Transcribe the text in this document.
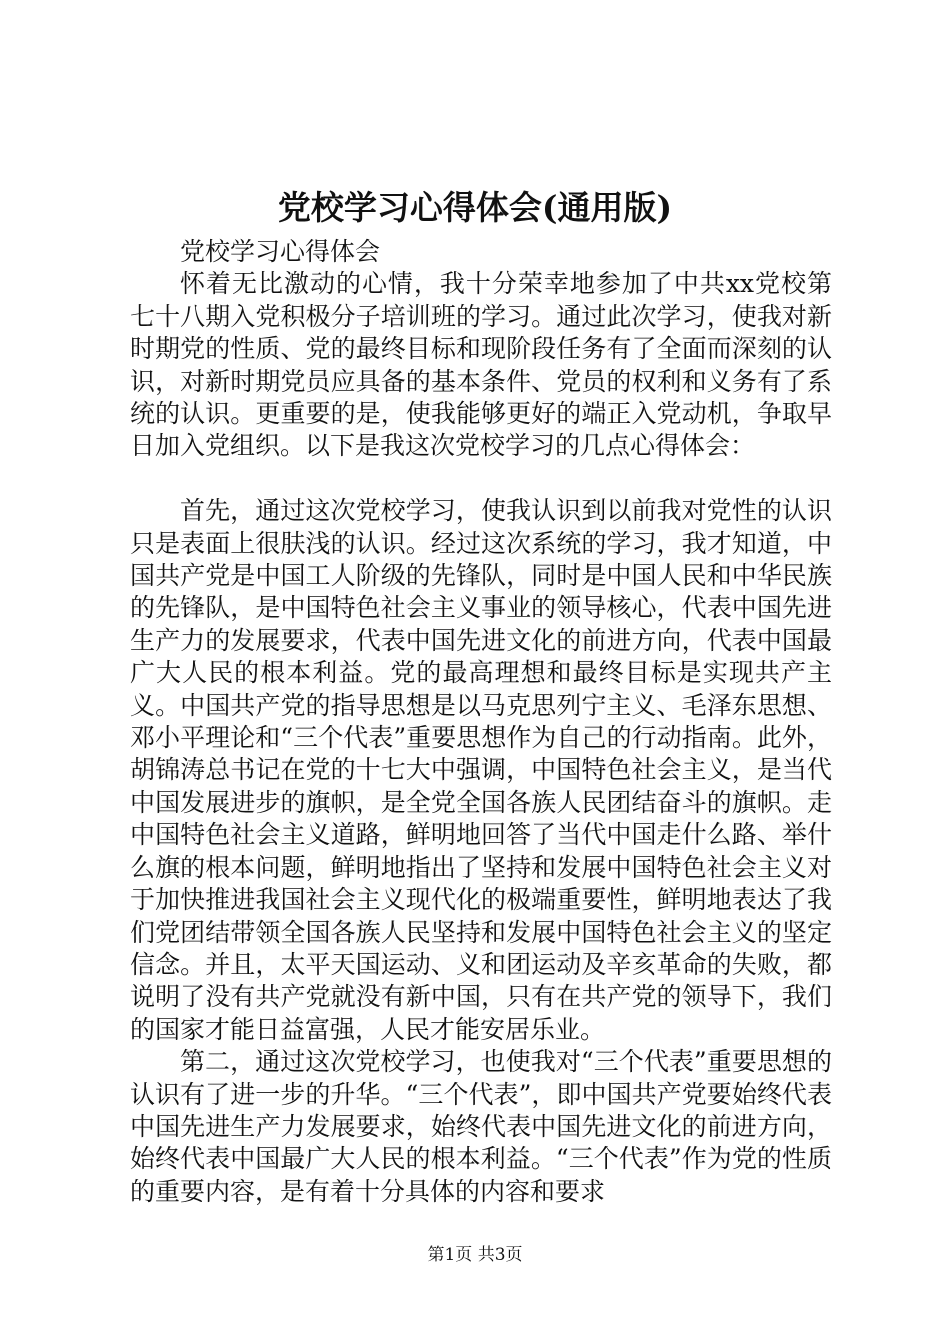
党校学习心得体会(通用版)

党校学习心得体会

怀着无比激动的心情，我十分荣幸地参加了中共xx党校第七十八期入党积极分子培训班的学习。通过此次学习，使我对新时期党的性质、党的最终目标和现阶段任务有了全面而深刻的认识，对新时期党员应具备的基本条件、党员的权利和义务有了系统的认识。更重要的是，使我能够更好的端正入党动机，争取早日加入党组织。以下是我这次党校学习的几点心得体会：

首先，通过这次党校学习，使我认识到以前我对党性的认识只是表面上很肤浅的认识。经过这次系统的学习，我才知道，中国共产党是中国工人阶级的先锋队，同时是中国人民和中华民族的先锋队，是中国特色社会主义事业的领导核心，代表中国先进生产力的发展要求，代表中国先进文化的前进方向，代表中国最广大人民的根本利益。党的最高理想和最终目标是实现共产主义。中国共产党的指导思想是以马克思列宁主义、毛泽东思想、邓小平理论和“三个代表”重要思想作为自己的行动指南。此外，胡锦涛总书记在党的十七大中强调，中国特色社会主义，是当代中国发展进步的旗帜，是全党全国各族人民团结奋斗的旗帜。走中国特色社会主义道路，鲜明地回答了当代中国走什么路、举什么旗的根本问题，鲜明地指出了坚持和发展中国特色社会主义对于加快推进我国社会主义现代化的极端重要性，鲜明地表达了我们党团结带领全国各族人民坚持和发展中国特色社会主义的坚定信念。并且，太平天国运动、义和团运动及辛亥革命的失败，都说明了没有共产党就没有新中国，只有在共产党的领导下，我们的国家才能日益富强，人民才能安居乐业。

第二，通过这次党校学习，也使我对“三个代表”重要思想的认识有了进一步的升华。“三个代表”，即中国共产党要始终代表中国先进生产力发展要求，始终代表中国先进文化的前进方向，始终代表中国最广大人民的根本利益。“三个代表”作为党的性质的重要内容，是有着十分具体的内容和要求

第1页 共3页
